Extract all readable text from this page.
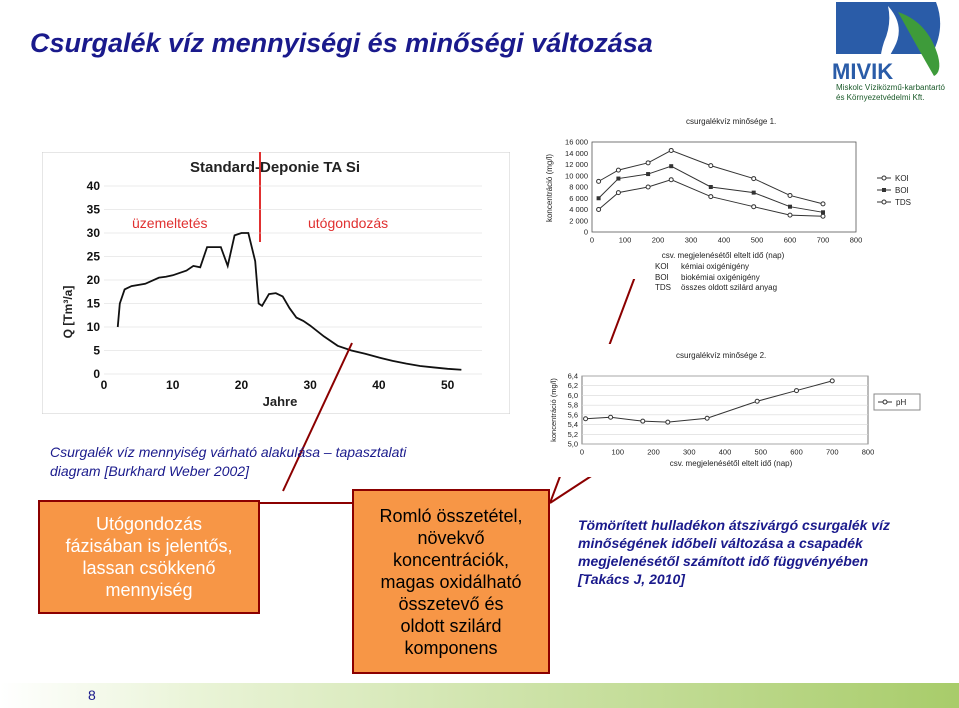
Csurgalék víz mennyiségi és minőségi változása
MIVIK
Miskolc Víziközmű-karbantartó
és Környezetvédelmi Kft.
Standard-Deponie TA Si
üzemeltetés	utógondozás
Q [Tm³/a]
Jahre
0
5
10
15
20
25
30
35
40
0	10	20	30	40	50
Csurgalék víz mennyiség várható alakulása – tapasztalati
diagram [Burkhard Weber 2002]
Utógondozás
fázisában is jelentős,
lassan csökkenő
mennyiség
Romló összetétel,
növekvő
koncentrációk,
magas oxidálható
összetevő és
oldott szilárd
komponens
csurgalékvíz minősége 1.
koncentráció (mg/l)
csv. megjelenésétől eltelt idő (nap)
0
2 000
4 000
6 000
8 000
10 000
12 000
14 000
16 000
0	100	200	300	400	500	600	700	800
KOI
BOI
TDS
KOI kémiai oxigénigény
BOI biokémiai oxigénigény
TDS összes oldott szilárd anyag
csurgalékvíz minősége 2.
koncentráció (mg/l)
csv. megjelenésétől eltelt idő (nap)
pH
5,0
5,2
5,4
5,6
5,8
6,0
6,2
6,4
0	100	200	300	400	500	600	700	800
Tömörített hulladékon átszivárgó csurgalék víz
minőségének időbeli változása a csapadék
megjelenésétől számított idő függvényében
[Takács J, 2010]
8
